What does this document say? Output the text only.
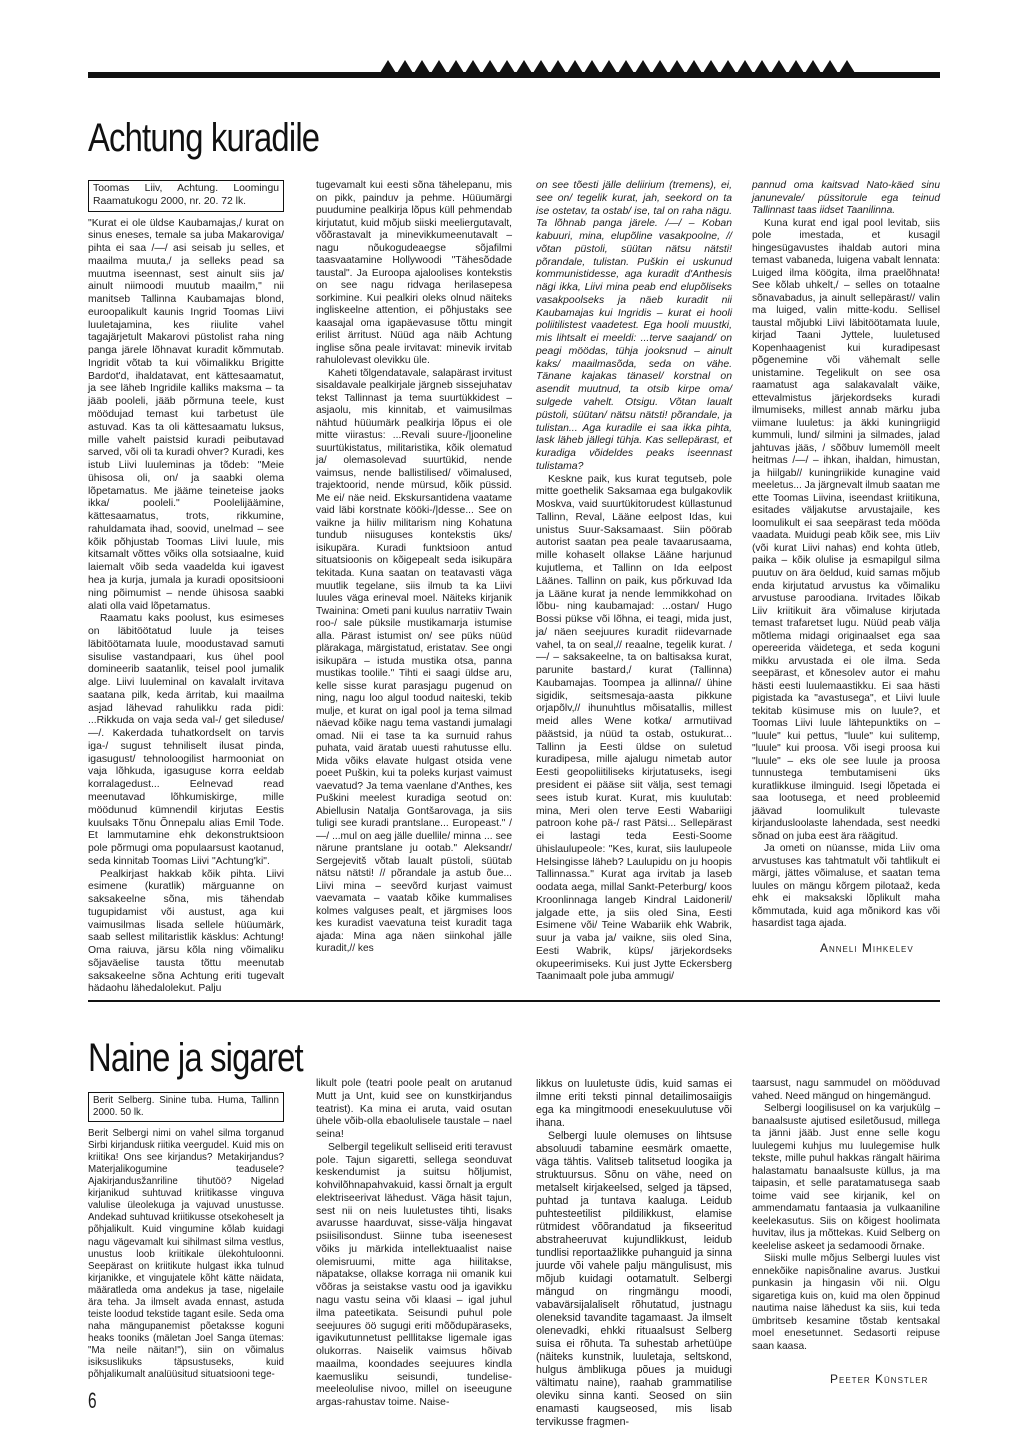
Achtung kuradile
Toomas Liiv, Achtung. Loomingu Raamatukogu 2000, nr. 20. 72 lk.

"Kurat ei ole üldse Kaubamajas,/ kurat on sinus eneses, temale sa juba Makaroviga/ pihta ei saa /—/ asi seisab ju selles, et maailma muuta,/ ja selleks pead sa muutma iseennast, sest ainult siis ja/ ainult niimoodi muutub maailm," nii manitseb Tallinna Kaubamajas blond, euroopalikult kaunis Ingrid Toomas Liivi luuletajamina, kes riiulite vahel tagajärjetult Makarovi püstolist raha ning panga järele lõhnavat kuradit kõmmutab. Ingridit võtab ta kui võimalikku Brigitte Bardot'd, ihaldatavat, ent kättesaamatut, ja see läheb Ingridile kalliks maksma – ta jääb pooleli, jääb põrmuna teele, kust möödujad temast kui tarbetust üle astuvad. Kas ta oli kättesaamatu luksus, mille vahelt paistsid kuradi peibutavad sarved, või oli ta kuradi ohver? Kuradi, kes istub Liivi luuleminas ja tõdeb: "Meie ühisosa oli, on/ ja saabki olema lõpetamatus. Me jääme teineteise jaoks ikka/ pooleli." Poolelijäämine, kättesaamatus, trots, rikkumine, rahuldamata ihad, soovid, unelmad – see kõik põhjustab Toomas Liivi luule, mis kitsamalt võttes võiks olla sotsiaalne, kuid laiemalt võib seda vaadelda kui igavest hea ja kurja, jumala ja kuradi opositsiooni ning põimumist – nende ühisosa saabki alati olla vaid lõpetamatus.

Raamatu kaks poolust, kus esimeses on läbitöötatud luule ja teises läbitöötamata luule, moodustavad samuti sisulise vastandpaari, kus ühel pool domineerib saatanlik, teisel pool jumalik alge. Liivi luuleminal on kavalalt irvitava saatana pilk, keda ärritab, kui maailma asjad lähevad rahulikku rada pidi: ...Rikkuda on vaja seda val-/ get sileduse/—/. Kakerdada tuhatkordselt on tarvis iga-/ sugust tehniliselt ilusat pinda, igasugust/ tehnoloogilist harmooniat on vaja lõhkuda, igasuguse korra eeldab korralagedust... Eelnevad read meenutavad lõhkumiskirge, mille möödunud kümnendil kirjutas Eestis kuulsaks Tõnu Õnnepalu alias Emil Tode. Et lammutamine ehk dekonstruktsioon pole põrmugi oma populaarsust kaotanud, seda kinnitab Toomas Liivi "Achtung'ki".

Pealkirjast hakkab kõik pihta. Liivi esimene (kuratlik) märguanne on saksakeelne sõna, mis tähendab tugupidamist või austust, aga kui vaimusilmas lisada sellele hüüumärk, saab sellest militaristlik käsklus: Achtung! Oma raiuva, järsu kõla ning võimaliku sõjaväelise tausta tõttu meenutab saksakeelne sõna Achtung eriti tugevalt hädaohu lähedalolekut. Palju

tugevamalt kui eesti sõna tähelepanu, mis on pikk, painduv ja pehme. Hüüumärgi puudumine pealkirja lõpus küll pehmendab kirjutatut, kuid mõjub siiski meeliergutavalt, võõrastavalt ja minevikkumeenutavalt – nagu nõukogudeaegse sõjafilmi taasvaatamine Hollywoodi "Tähesõdade taustal". Ja Euroopa ajaloolises kontekstis on see nagu ridvaga herilasepesa sorkimine. Kui pealkiri oleks olnud näiteks ingliskeelne attention, ei põhjustaks see kaasajal oma igapäevasuse tõttu mingit erilist ärritust. Nüüd aga näib Achtung inglise sõna peale irvitavat: minevik irvitab rahulolevast olevikku üle.

Kaheti tõlgendatavale, salapärast irvitust sisaldavale pealkirjale järgneb sissejuhatav tekst Tallinnast ja tema suurtükkidest – asjaolu, mis kinnitab, et vaimusilmas nähtud hüüumärk pealkirja lõpus ei ole mitte viirastus: ...Revali suure-/|jooneline suurtükistatus, militaristika, kõik olematud ja/ olemasolevad suurtükid, nende vaimsus, nende ballistilised/ võimalused, trajektoorid, nende mürsud, kõik püssid. Me ei/ näe neid. Ekskursantidena vaatame vaid läbi korstnate kööki-/|desse... See on vaikne ja hiiliv militarism ning Kohatuna tundub niisuguses kontekstis üks/ isikupära. Kuradi funktsioon antud situatsioonis on kõigepealt seda isikupära tekitada. Kuna saatan on teatavasti väga muutlik tegelane, siis ilmub ta ka Liivi luules väga erineval moel. Näiteks kirjanik Twainina: Ometi pani kuulus narratiiv Twain roo-/ sale püksile mustikamarja istumise alla. Pärast istumist on/ see püks nüüd plärakaga, märgistatud, eristatav. See ongi isikupära – istuda mustika otsa, panna mustikas toolile." Tihti ei saagi üldse aru, kelle sisse kurat parasjagu pugenud on ning, nagu loo algul toodud naiteski, tekib mulje, et kurat on igal pool ja tema silmad näevad kõike nagu tema vastandi jumalagi omad. Nii ei tase ta ka surnuid rahus puhata, vaid äratab uuesti rahutusse ellu. Mida võiks elavate hulgast otsida vene poeet Puškin, kui ta poleks kurjast vaimust vaevatud? Ja tema vaenlane d'Anthes, kes Puškini meelest kuradiga seotud on: Abiellusin Natalja Gontšarovaga, ja siis tuligi see kuradi prantslane... Europeast." /—/ ...mul on aeg jälle duellile/ minna ... see närune prantslane ju ootab." Aleksandr/ Sergejevitš võtab laualt püstoli, süütab nätsu nätsti! // põrandale ja astub õue... Liivi mina – seevõrd kurjast vaimust vaevamata – vaatab kõike kummalises kolmes valguses pealt, et järgmises loos kes kuradist vaevatuna teist kuradit taga ajada: Mina aga näen siinkohal jälle kuradit,// kes

on see tõesti jälle deliirium (tremens), ei, see on/ tegelik kurat, jah, seekord on ta ise ostetav, ta ostab/ ise, tal on raha nägu. Ta lõhnab panga järele. /—/ – Koban kabuuri, mina, elupõline vasakpoolne, // võtan püstoli, süütan nätsu nätsti! põrandale, tulistan. Puškin ei uskunud kommunistidesse, aga kuradit d'Anthesis nägi ikka, Liivi mina peab end elupõliseks vasakpoolseks ja näeb kuradit nii Kaubamajas kui Ingridis – kurat ei hooli poliitilistest vaadetest. Ega hooli muustki, mis lihtsalt ei meeldi: ...terve saajand/ on peagi möödas, tühja jooksnud – ainult kaks/ maailmasõda, seda on vähe. Tänane kajakas tänasel/ korstnal on asendit muutnud, ta otsib kirpe oma/ sulgede vahelt. Otsigu. Võtan laualt püstoli, süütan/ nätsu nätsti! põrandale, ja tulistan... Aga kuradile ei saa ikka pihta, lask läheb jällegi tühja. Kas sellepärast, et kuradiga võideldes peaks iseennast tulistama?

Keskne paik, kus kurat tegutseb, pole mitte goethelik Saksamaa ega bulgakovlik Moskva, vaid suurtükitorudest küllastunud Tallinn, Reval, Lääne eelpost Idas, kui unistus Suur-Saksamaast. Siin pöörab autorist saatan pea peale tavaarusaama, mille kohaselt ollakse Lääne harjunud kujutlema, et Tallinn on Ida eelpost Läänes. Tallinn on paik, kus põrkuvad Ida ja Lääne kurat ja nende lemmikkohad on lõbu- ning kaubamajad: ...ostan/ Hugo Bossi pükse või lõhna, ei teagi, mida just, ja/ näen seejuures kuradit riidevarnade vahel, ta on seal,// reaalne, tegelik kurat. /—/ – saksakeelne, ta on baltisaksa kurat, parunite bastard,/ kurat (Tallinna) Kaubamajas. Toompea ja allinna// ühine sigidik, seitsmesaja-aasta pikkune orjapõlv,// ihunuhtlus mõisatallis, millest meid alles Wene kotka/ armutiivad päästsid, ja nüüd ta ostab, ostukurat... Tallinn ja Eesti üldse on suletud kuradipesa, mille ajalugu nimetab autor Eesti geopoliitiliseks kirjutatuseks, isegi president ei pääse siit välja, sest temagi sees istub kurat. Kurat, mis kuulutab: mina, Meri olen terve Eesti Wabariigi patroon kohe pä-/ rast Pätsi... Sellepärast ei lastagi teda Eesti-Soome ühislaulupeole: "Kes, kurat, siis laulupeole Helsingisse läheb? Laulupidu on ju hoopis Tallinnassa." Kurat aga irvitab ja laseb oodata aega, millal Sankt-Peterburg/ koos Kroonlinnaga langeb Kindral Laidoneril/ jalgade ette, ja siis oled Sina, Eesti Esimene või/ Teine Wabariik ehk Wabrik, suur ja vaba ja/ vaikne, siis oled Sina, Eesti Wabrik, küps/ järjekordseks okupeerimiseks. Kui just Jytte Eckersberg Taanimaalt pole juba ammugi/

pannud oma kaitsvad Nato-käed sinu janunevale/ püssitorule ega teinud Tallinnast taas iidset Taanilinna.

Kuna kurat end igal pool levitab, siis pole imestada, et kusagil hingesügavustes ihaldab autori mina temast vabaneda, luigena vabalt lennata: Luiged ilma köögita, ilma praelõhnata! See kõlab uhkelt,/ – selles on totaalne sõnavabadus, ja ainult sellepärast// valin ma luiged, valin mitte-kodu. Sellisel taustal mõjubki Liivi läbitöötamata luule, kirjad Taani Jyttele, luuletused Kopenhaagenist kui kuradipesast põgenemine või vähemalt selle unistamine. Tegelikult on see osa raamatust aga salakavalalt väike, ettevalmistus järjekordseks kuradi ilmumiseks, millest annab märku juba viimane luuletus: ja äkki kuningriigid kummuli, lund/ silmini ja silmades, jalad jahtuvas jääs, / sõõbuv lumemöll meelt heitmas /—/ – ihkan, ihaldan, himustan, ja hiilgab// kuningriikide kunagine vaid meeletus... Ja järgnevalt ilmub saatan me ette Toomas Liivina, iseendast kriitikuna, esitades väljakutse arvustajaile, kes loomulikult ei saa seepärast teda mööda vaadata. Muidugi peab kõik see, mis Liiv (või kurat Liivi nahas) end kohta ütleb, paika – kõik olulise ja esmapilgul silma puutuv on ära öeldud, kuid samas mõjub enda kirjutatud arvustus ka võimaliku arvustuse paroodiana. Irvitades lõikab Liiv kriitikuit ära võimaluse kirjutada temast trafaretset lugu. Nüüd peab välja mõtlema midagi originaalset ega saa opereerida väidetega, et seda koguni mikku arvustada ei ole ilma. Seda seepärast, et kõnesolev autor ei mahu hästi eesti luulemaastikku. Ei saa hästi pigistada ka "avastusega", et Liivi luule tekitab küsimuse mis on luule?, et Toomas Liivi luule lähtepunktiks on – "luule" kui pettus, "luule" kui sulitemp, "luule" kui proosa. Või isegi proosa kui "luule" – eks ole see luule ja proosa tunnustega tembutamiseni üks kuratlikkuse ilminguid. Isegi lõpetada ei saa lootusega, et need probleemid jäävad loomulikult tulevaste kirjandusloolaste lahendada, sest needki sõnad on juba eest ära räägitud.

Ja ometi on nüansse, mida Liiv oma arvustuses kas tahtmatult või tahtlikult ei märgi, jättes võimaluse, et saatan tema luules on mängu kõrgem pilotaaž, keda ehk ei maksakski lõplikult maha kõmmutada, kuid aga mõnikord kas või hasardist taga ajada.

Anneli Mihkelev
Naine ja sigaret
Berit Selberg. Sinine tuba. Huma, Tallinn 2000. 50 lk.

Berit Selbergi nimi on vahel silma torganud Sirbi kirjandusk riitika veergudel. Kuid mis on kriitika! Ons see kirjandus? Metakirjandus? Materjalikogumine teadusele? Ajakirjandusžanriline tihutöö? Nigelad kirjanikud suhtuvad kriitikasse vinguva valulise üleolekuga ja vajuvad unustusse. Andekad suhtuvad kriitikusse otsekoheselt ja põhjalikult. Kuid vingumine kõlab kuidagi nagu vägevamalt kui sihilmast silma vestlus, unustus loob kriitikale ülekohtuloonni. Seepärast on kriitikute hulgast ikka tulnud kirjanikke, et vingujatele kõht kätte näidata, määratleda oma andekus ja tase, nigelaile ära teha. Ja ilmselt avada ennast, astuda teiste loodud tekstide tagant esile. Seda oma naha mängupanemist põetaksse koguni heaks tooniks (mäletan Joel Sanga ütemas: "Ma neile näitan!"), siin on võimalus isiksuslikuks täpsustuseks, kuid põhjalikumalt analüüsitud situatsiooni tege-

likult pole (teatri poole pealt on arutanud Mutt ja Unt, kuid see on kunstkirjandus teatrist). Ka mina ei aruta, vaid osutan ühele võib-olla ebaolulisele taustale – nael seina!

Selbergil tegelikult selliseid eriti teravust pole. Tajun sigaretti, sellega seonduvat keskendumist ja suitsu hõljumist, kohvilõhnapahvakuid, kassi õrnalt ja ergult elektriseerivat lähedust. Väga häsit tajun, sest nii on neis luuletustes tihti, lisaks avarusse haarduvat, sisse-välja hingavat psiisilisondust. Siinne tuba iseenesest võiks ju märkida intellektuaalist naise olemisruumi, mitte aga hiilitakse, näpatakse, ollakse korraga nii omanik kui võõras ja seistakse vastu ood ja igavikku nagu vastu seina või klaasi – igal juhul ilma pateetikata. Seisundi puhul pole seejuures öö sugugi eriti mõõdupäraseks, igavikutunnetust pelllitakse ligemale igas olukorras. Naiselik vaimsus hõivab maailma, koondades seejuures kindla kaemusliku seisundi, tundelise-meeleolulise nivoo, millel on iseeugune argas-rahustav toime. Naise-

likkus on luuletuste üdis, kuid samas ei ilmne eriti teksti pinnal detailimosaiigis ega ka mingitmoodi enesekuulutuse või ihana.

Selbergi luule olemuses on lihtsuse absoluudi tabamine eesmärk omaette, väga tähtis. Valitseb talitsetud loogika ja struktuursus. Sõnu on vähe, need on metalselt kirjakeelsed, selged ja täpsed, puhtad ja tuntava kaaluga. Leidub puhtesteetilist pildilikkust, elamise rütmidest võõrandatud ja fikseeritud abstraheeruvat kujundlikkust, leidub tundlisi reportaažlikke puhanguid ja sinna juurde või vahele palju mängulisust, mis mõjub kuidagi ootamatult. Selbergi mängud on ringmängu moodi, vabavärsijalaliselt rõhutatud, justnagu oleneksid tavandite tagamaast. Ja ilmselt olenevadki, ehkki rituaalsust Selberg suisa ei rõhuta. Ta suhestab arhetüüpe (näiteks kunstnik, luuletaja, seltskond, hulgus ämblikuga põues ja muidugi vältimatu naine), raahab grammatilise oleviku sinna kanti. Seosed on siin enamasti kaugseosed, mis lisab tervikusse fragmen-

taarsust, nagu sammudel on mööduvad vahed. Need mängud on hingemängud.

Selbergi loogilisusel on ka varjukülg – banaalsuste ajutised esiletõusud, millega ta jänni jääb. Just enne selle kogu luulegemi kuhjus mu luulegemise hulk tekste, mille puhul hakkas rängalt häirima halastamatu banaalsuste küllus, ja ma taipasin, et selle paratamatusega saab toime vaid see kirjanik, kel on ammendamatu fantaasia ja vulkaanilinе keelekasutus. Siis on kõigest hoolimata huvitav, ilus ja mõttekas. Kuid Selberg on keelelise askeet ja sedamoodi õrnake.

Siiski mulle mõjus Selbergi luules vist ennekõike napisõnaline avarus. Justkui punkasin ja hingasin või nii. Olgu sigaretiga kuis on, kuid ma olen õppinud nautima naise lähedust ka siis, kui teda ümbritseb kesamine tõstab kentsakal moel enesetunnet. Sedasorti reipuse saan kaasa.

Peeter Künstler
6
